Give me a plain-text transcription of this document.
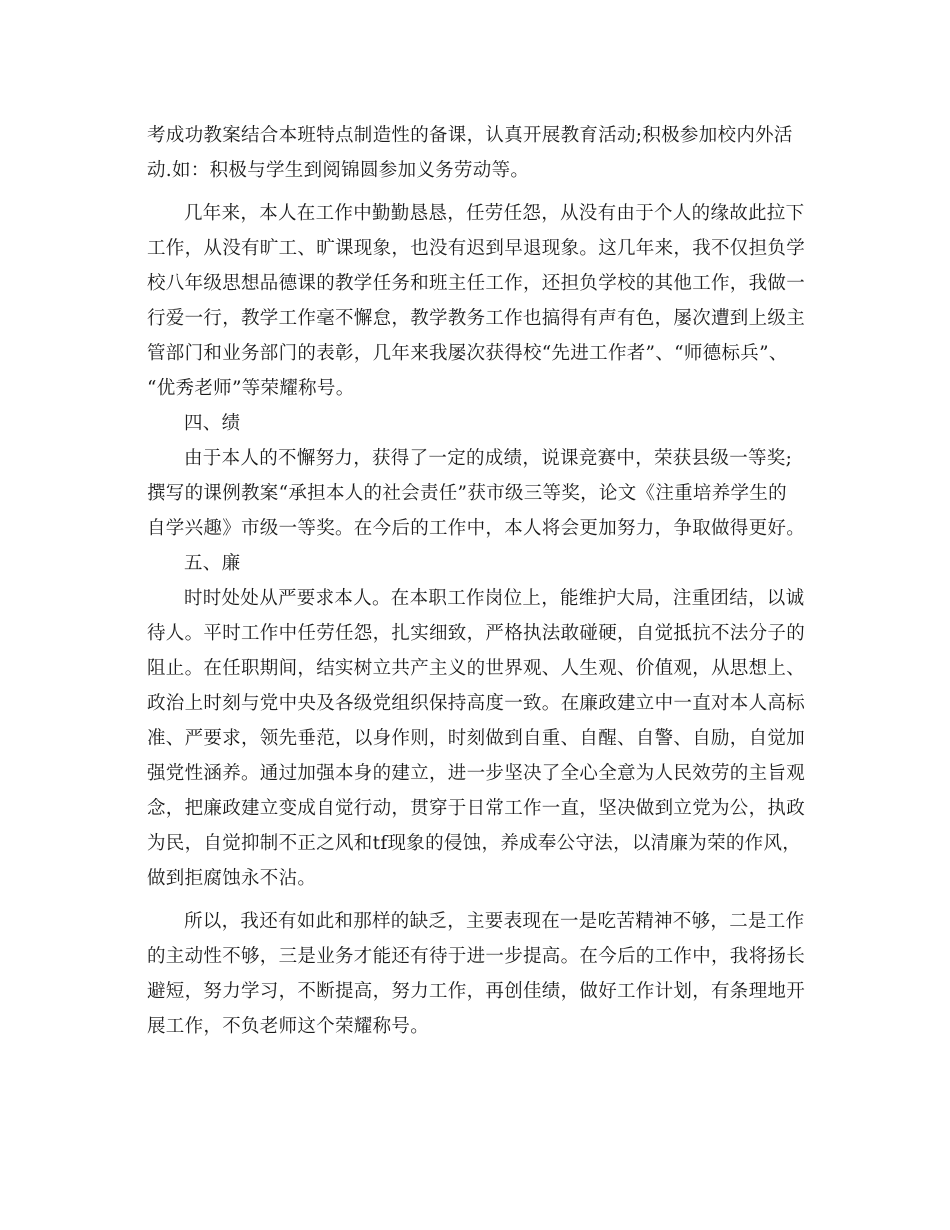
考成功教案结合本班特点制造性的备课，认真开展教育活动;积极参加校内外活
动.如：积极与学生到阅锦圆参加义务劳动等。
几年来，本人在工作中勤勤恳恳，任劳任怨，从没有由于个人的缘故此拉下
工作，从没有旷工、旷课现象，也没有迟到早退现象。这几年来，我不仅担负学
校八年级思想品德课的教学任务和班主任工作，还担负学校的其他工作，我做一
行爱一行，教学工作毫不懈怠，教学教务工作也搞得有声有色，屡次遭到上级主
管部门和业务部门的表彰，几年来我屡次获得校“先进工作者”、“师德标兵”、
“优秀老师”等荣耀称号。
四、绩
由于本人的不懈努力，获得了一定的成绩，说课竞赛中，荣获县级一等奖;
撰写的课例教案“承担本人的社会责任”获市级三等奖，论文《注重培养学生的
自学兴趣》市级一等奖。在今后的工作中，本人将会更加努力，争取做得更好。
五、廉
时时处处从严要求本人。在本职工作岗位上，能维护大局，注重团结，以诚
待人。平时工作中任劳任怨，扎实细致，严格执法敢碰硬，自觉抵抗不法分子的
阻止。在任职期间，结实树立共产主义的世界观、人生观、价值观，从思想上、
政治上时刻与党中央及各级党组织保持高度一致。在廉政建立中一直对本人高标
准、严要求，领先垂范，以身作则，时刻做到自重、自醒、自警、自励，自觉加
强党性涵养。通过加强本身的建立，进一步坚决了全心全意为人民效劳的主旨观
念，把廉政建立变成自觉行动，贯穿于日常工作一直，坚决做到立党为公，执政
为民，自觉抑制不正之风和tf现象的侵蚀，养成奉公守法，以清廉为荣的作风，
做到拒腐蚀永不沾。
所以，我还有如此和那样的缺乏，主要表现在一是吃苦精神不够，二是工作
的主动性不够，三是业务才能还有待于进一步提高。在今后的工作中，我将扬长
避短，努力学习，不断提高，努力工作，再创佳绩，做好工作计划，有条理地开
展工作，不负老师这个荣耀称号。
